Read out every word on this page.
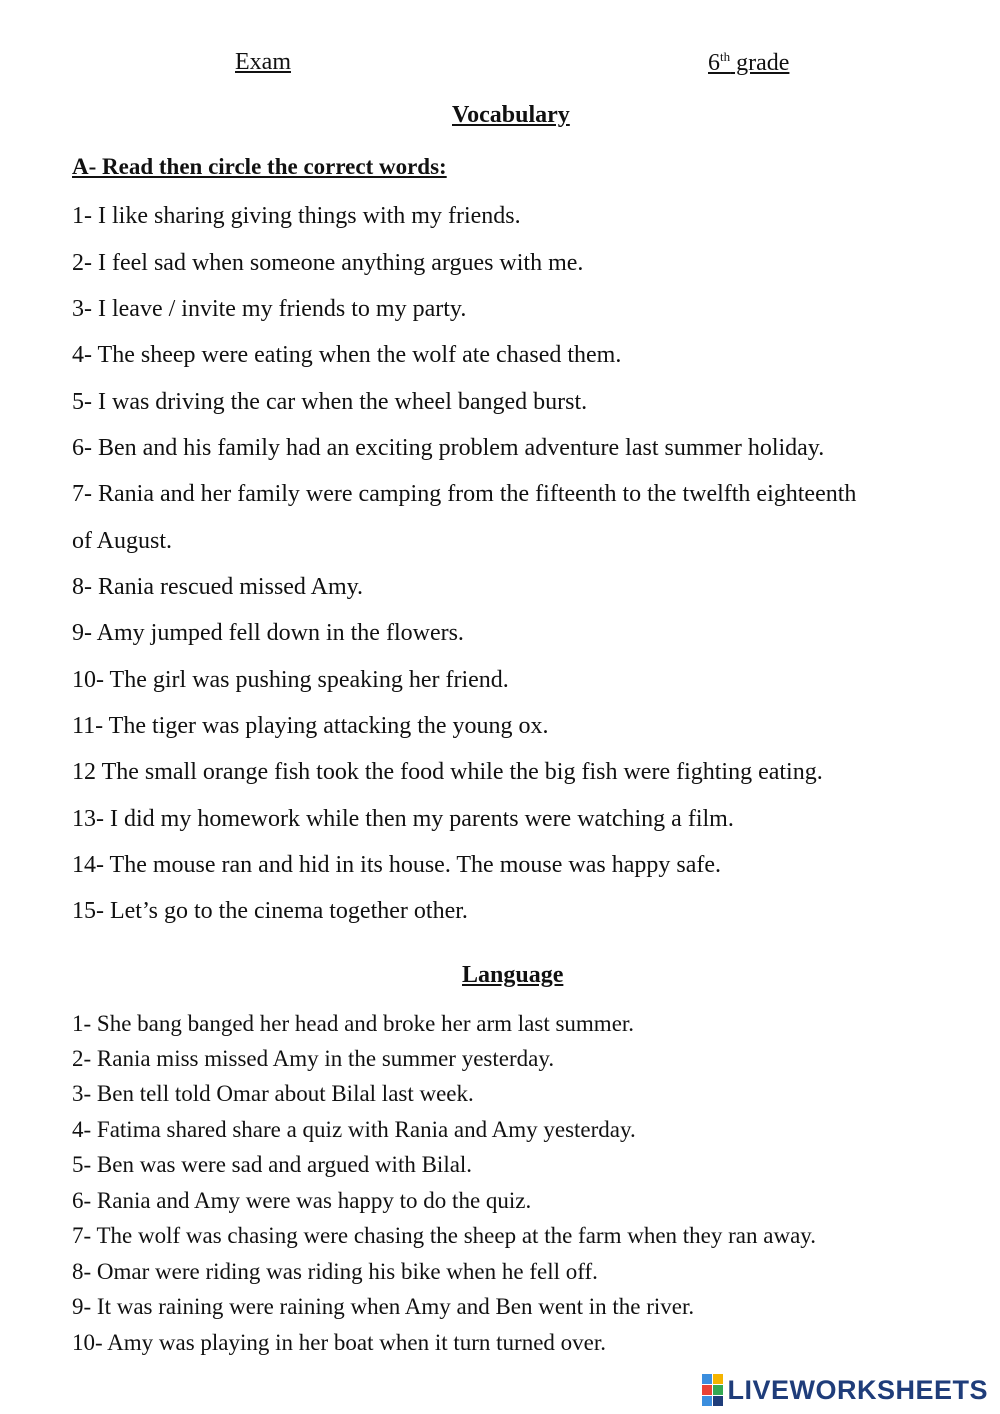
Exam	6th grade
Vocabulary
A- Read then circle the correct words:
1- I like sharing giving things with my friends.
2- I feel sad when someone anything argues with me.
3- I leave / invite my friends to my party.
4- The sheep were eating when the wolf ate chased them.
5- I was driving the car when the wheel banged burst.
6- Ben and his family had an exciting problem adventure last summer holiday.
7- Rania and her family were camping from the fifteenth to the twelfth eighteenth
of August.
8- Rania rescued missed Amy.
9- Amy jumped fell down in the flowers.
10- The girl was pushing speaking her friend.
11- The tiger was playing attacking the young ox.
12 The small orange fish took the food while the big fish were fighting eating.
13- I did my homework while then my parents were watching a film.
14- The mouse ran and hid in its house. The mouse was happy safe.
15- Let’s go to the cinema together other.
Language
1- She bang banged her head and broke her arm last summer.
2- Rania miss missed Amy in the summer yesterday.
3- Ben tell told Omar about Bilal last week.
4- Fatima shared share a quiz with Rania and Amy yesterday.
5- Ben was were sad and argued with Bilal.
6- Rania and Amy were was happy to do the quiz.
7- The wolf was chasing were chasing the sheep at the farm when they ran away.
8- Omar were riding was riding his bike when he fell off.
9- It was raining were raining when Amy and Ben went in the river.
10- Amy was playing in her boat when it turn turned over.
LIVEWORKSHEETS
